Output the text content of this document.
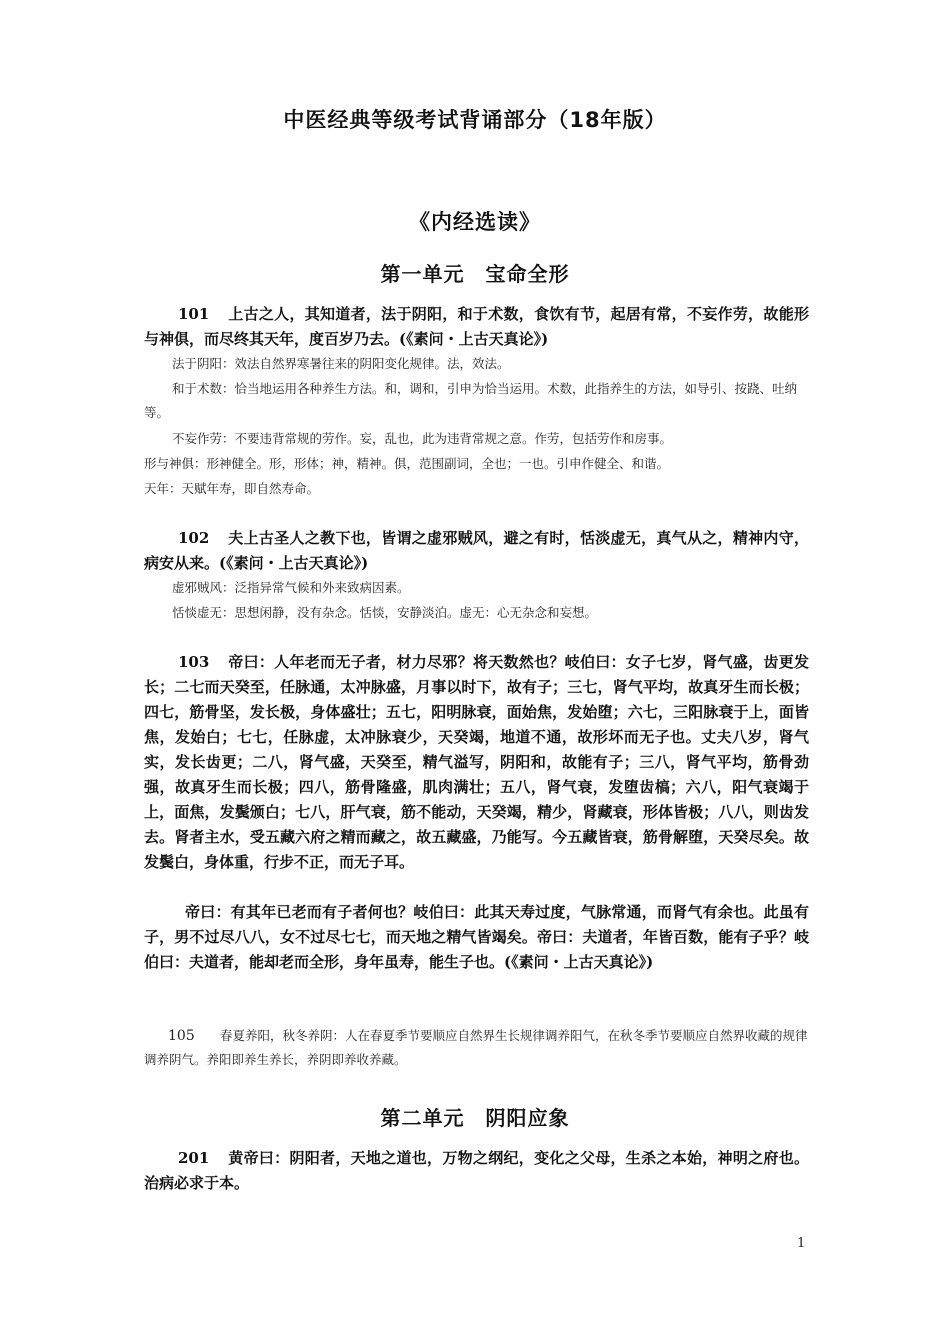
中医经典等级考试背诵部分（18年版）
《内经选读》
第一单元　宝命全形

101 上古之人，其知道者，法于阴阳，和于术数，食饮有节，起居有常，不妄作劳，故能形与神俱，而尽终其天年，度百岁乃去。(《素问・上古天真论》)

法于阴阳：效法自然界寒暑往来的阴阳变化规律。法，效法。

和于术数：恰当地运用各种养生方法。和，调和，引申为恰当运用。术数，此指养生的方法，如导引、按跷、吐纳等。

不妄作劳：不要违背常规的劳作。妄，乱也，此为违背常规之意。作劳，包括劳作和房事。

形与神俱：形神健全。形，形体；神，精神。俱，范围副词，全也；一也。引申作健全、和谐。

天年：天赋年寿，即自然寿命。

102 夫上古圣人之教下也，皆谓之虚邪贼风，避之有时，恬淡虚无，真气从之，精神内守，病安从来。(《素问・上古天真论》)

虚邪贼风：泛指异常气候和外来致病因素。

恬惔虚无：思想闲静，没有杂念。恬惔，安静淡泊。虚无：心无杂念和妄想。

103 帝曰：人年老而无子者，材力尽邪？将天数然也？岐伯曰：女子七岁，肾气盛，齿更发长；二七而天癸至，任脉通，太冲脉盛，月事以时下，故有子；三七，肾气平均，故真牙生而长极；四七，筋骨坚，发长极，身体盛壮；五七，阳明脉衰，面始焦，发始堕；六七，三阳脉衰于上，面皆焦，发始白；七七，任脉虚，太冲脉衰少，天癸竭，地道不通，故形坏而无子也。丈夫八岁，肾气实，发长齿更；二八，肾气盛，天癸至，精气溢写，阴阳和，故能有子；三八，肾气平均，筋骨劲强，故真牙生而长极；四八，筋骨隆盛，肌肉满壮；五八，肾气衰，发堕齿槁；六八，阳气衰竭于上，面焦，发鬓颁白；七八，肝气衰，筋不能动，天癸竭，精少，肾藏衰，形体皆极；八八，则齿发去。肾者主水，受五藏六府之精而藏之，故五藏盛，乃能写。今五藏皆衰，筋骨解堕，天癸尽矣。故发鬓白，身体重，行步不正，而无子耳。

帝曰：有其年已老而有子者何也？岐伯曰：此其天寿过度，气脉常通，而肾气有余也。此虽有子，男不过尽八八，女不过尽七七，而天地之精气皆竭矣。帝曰：夫道者，年皆百数，能有子乎？岐伯曰：夫道者，能却老而全形，身年虽寿，能生子也。(《素问・上古天真论》)

105 春夏养阳，秋冬养阴：人在春夏季节要顺应自然界生长规律调养阳气，在秋冬季节要顺应自然界收藏的规律调养阴气。养阳即养生养长，养阴即养收养藏。

第二单元　阴阳应象

201 黄帝曰：阴阳者，天地之道也，万物之纲纪，变化之父母，生杀之本始，神明之府也。治病必求于本。

1
